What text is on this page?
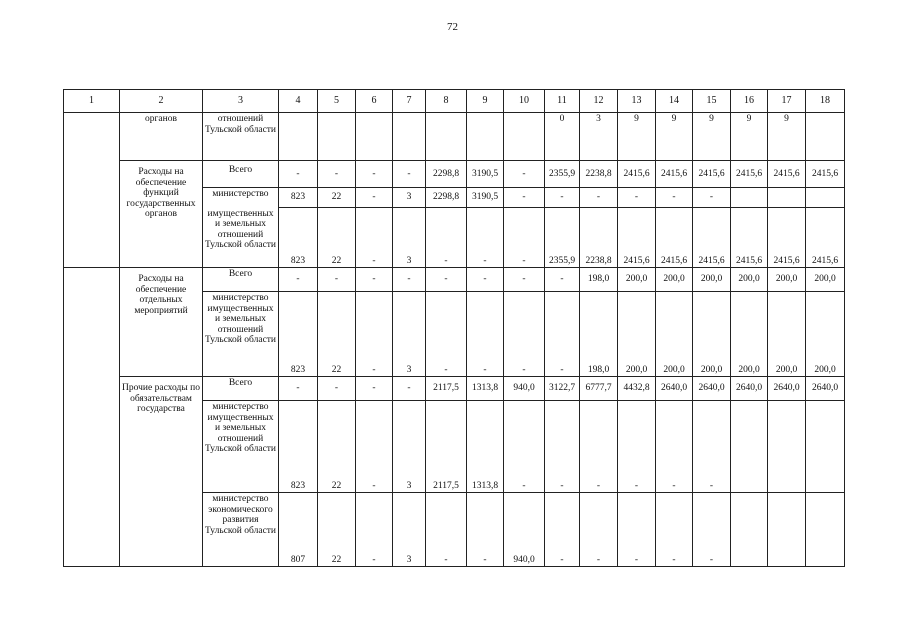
72
1	2	3	4	5	6	7	8	9	10	11	12	13	14	15	16	17	18
	органов	отношений Тульской области								0	3	9	9	9	9	9	
	Расходы на обеспечение функций государственных органов	Всего	-	-	-	-	2298,8	3190,5	-	2355,9	2238,8	2415,6	2415,6	2415,6	2415,6	2415,6	2415,6
		министерство	823	22	-	3	2298,8	3190,5	-	-	-	-	-	-			
		имущественных и земельных отношений Тульской области	823	22	-	3	-	-	-	2355,9	2238,8	2415,6	2415,6	2415,6	2415,6	2415,6	2415,6
	Расходы на обеспечение отдельных мероприятий	Всего	-	-	-	-	-	-	-	-	198,0	200,0	200,0	200,0	200,0	200,0	200,0
		министерство имущественных и земельных отношений Тульской области	823	22	-	3	-	-	-	-	198,0	200,0	200,0	200,0	200,0	200,0	200,0
	Прочие расходы по обязательствам государства	Всего	-	-	-	-	2117,5	1313,8	940,0	3122,7	6777,7	4432,8	2640,0	2640,0	2640,0	2640,0	2640,0
		министерство имущественных и земельных отношений Тульской области	823	22	-	3	2117,5	1313,8	-	-	-	-	-	-			
		министерство экономического развития Тульской области	807	22	-	3	-	-	940,0	-	-	-	-	-			
